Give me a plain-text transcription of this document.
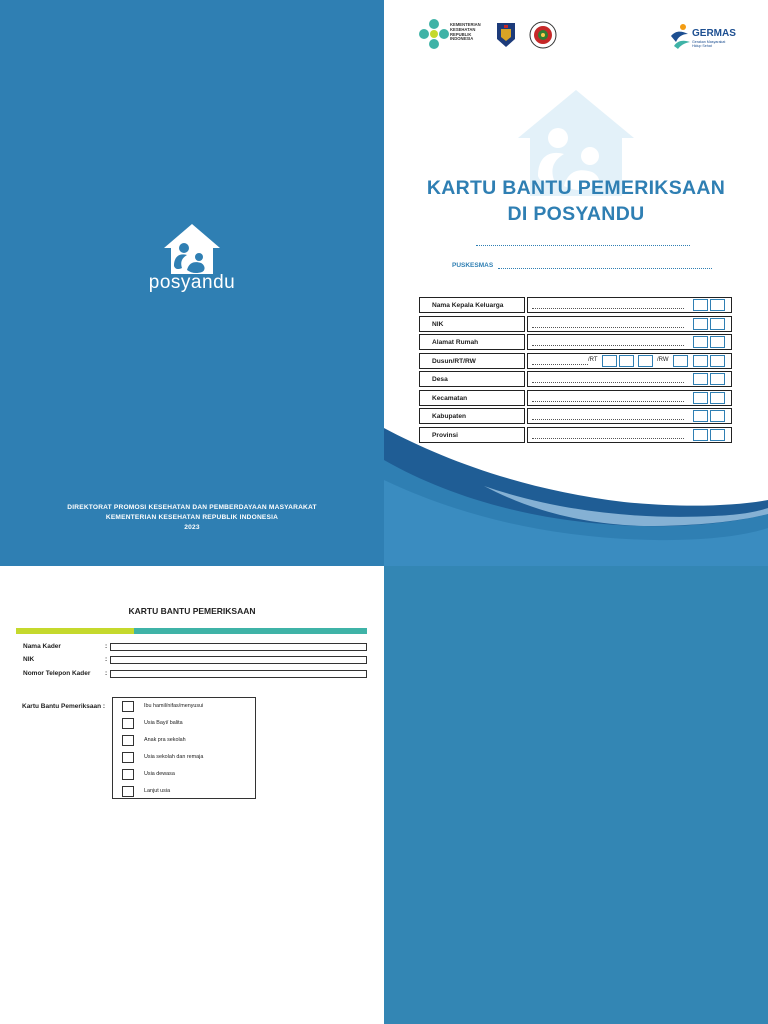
posyandu
DIREKTORAT PROMOSI KESEHATAN DAN PEMBERDAYAAN MASYARAKAT
KEMENTERIAN KESEHATAN REPUBLIK INDONESIA
2023
KEMENTERIAN KESEHATAN REPUBLIK INDONESIA	GERMAS
Gerakan Masyarakat Hidup Sehat
KARTU BANTU PEMERIKSAAN
DI POSYANDU
PUSKESMAS
Nama Kepala Keluarga
NIK
Alamat Rumah
Dusun/RT/RW	/RT	/RW
Desa
Kecamatan
Kabupaten
Provinsi
KARTU BANTU PEMERIKSAAN
Nama Kader	:
NIK	:
Nomor Telepon Kader :
Kartu Bantu Pemeriksaan :	Ibu hamil/nifas/menyusui
Usia Bayi/ balita
Anak pra sekolah
Usia sekolah dan remaja
Usia dewasa
Lanjut usia
